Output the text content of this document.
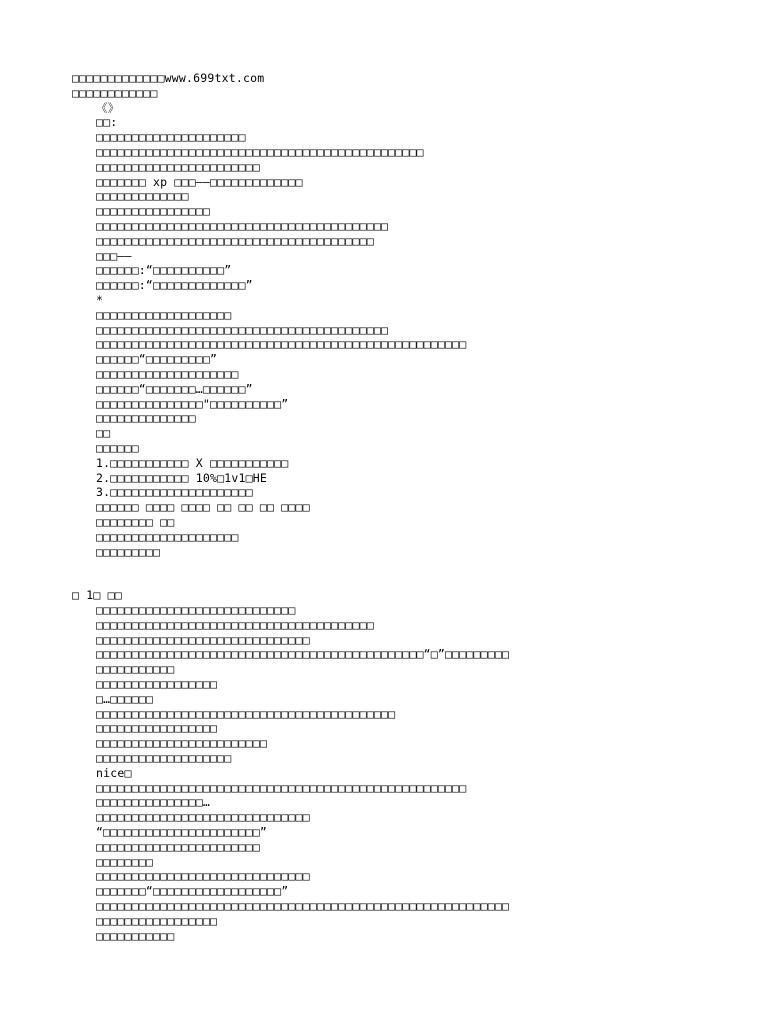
□□□□□□□□□□□□□www.699txt.com
□□□□□□□□□□□□
《》
□□:
□□□□□□□□□□□□□□□□□□□□□
□□□□□□□□□□□□□□□□□□□□□□□□□□□□□□□□□□□□□□□□□□□□□□
□□□□□□□□□□□□□□□□□□□□□□□
□□□□□□□ xp □□□——□□□□□□□□□□□□□
□□□□□□□□□□□□□
□□□□□□□□□□□□□□□□
□□□□□□□□□□□□□□□□□□□□□□□□□□□□□□□□□□□□□□□□□
□□□□□□□□□□□□□□□□□□□□□□□□□□□□□□□□□□□□□□□
□□□——
□□□□□□:“□□□□□□□□□□”
□□□□□□:“□□□□□□□□□□□□□”
*
□□□□□□□□□□□□□□□□□□□
□□□□□□□□□□□□□□□□□□□□□□□□□□□□□□□□□□□□□□□□□
□□□□□□□□□□□□□□□□□□□□□□□□□□□□□□□□□□□□□□□□□□□□□□□□□□□□
□□□□□□“□□□□□□□□□”
□□□□□□□□□□□□□□□□□□□□
□□□□□□“□□□□□□□…□□□□□□”
□□□□□□□□□□□□□□□"□□□□□□□□□□”
□□□□□□□□□□□□□□
□□
□□□□□□
1.□□□□□□□□□□□ X □□□□□□□□□□□
2.□□□□□□□□□□□ 10%□1v1□HE
3.□□□□□□□□□□□□□□□□□□□□
□□□□□□ □□□□ □□□□ □□ □□ □□ □□□□
□□□□□□□□ □□
□□□□□□□□□□□□□□□□□□□□
□□□□□□□□□
□ 1□ □□
□□□□□□□□□□□□□□□□□□□□□□□□□□□□
□□□□□□□□□□□□□□□□□□□□□□□□□□□□□□□□□□□□□□□
□□□□□□□□□□□□□□□□□□□□□□□□□□□□□□
□□□□□□□□□□□□□□□□□□□□□□□□□□□□□□□□□□□□□□□□□□□□□□“□”□□□□□□□□□
□□□□□□□□□□□
□□□□□□□□□□□□□□□□□
□…□□□□□□
□□□□□□□□□□□□□□□□□□□□□□□□□□□□□□□□□□□□□□□□□□
□□□□□□□□□□□□□□□□□
□□□□□□□□□□□□□□□□□□□□□□□□
□□□□□□□□□□□□□□□□□□□
nice□
□□□□□□□□□□□□□□□□□□□□□□□□□□□□□□□□□□□□□□□□□□□□□□□□□□□□
□□□□□□□□□□□□□□□…
□□□□□□□□□□□□□□□□□□□□□□□□□□□□□□
“□□□□□□□□□□□□□□□□□□□□□□”
□□□□□□□□□□□□□□□□□□□□□□□
□□□□□□□□
□□□□□□□□□□□□□□□□□□□□□□□□□□□□□□
□□□□□□□“□□□□□□□□□□□□□□□□□□”
□□□□□□□□□□□□□□□□□□□□□□□□□□□□□□□□□□□□□□□□□□□□□□□□□□□□□□□□□□
□□□□□□□□□□□□□□□□□
□□□□□□□□□□□
